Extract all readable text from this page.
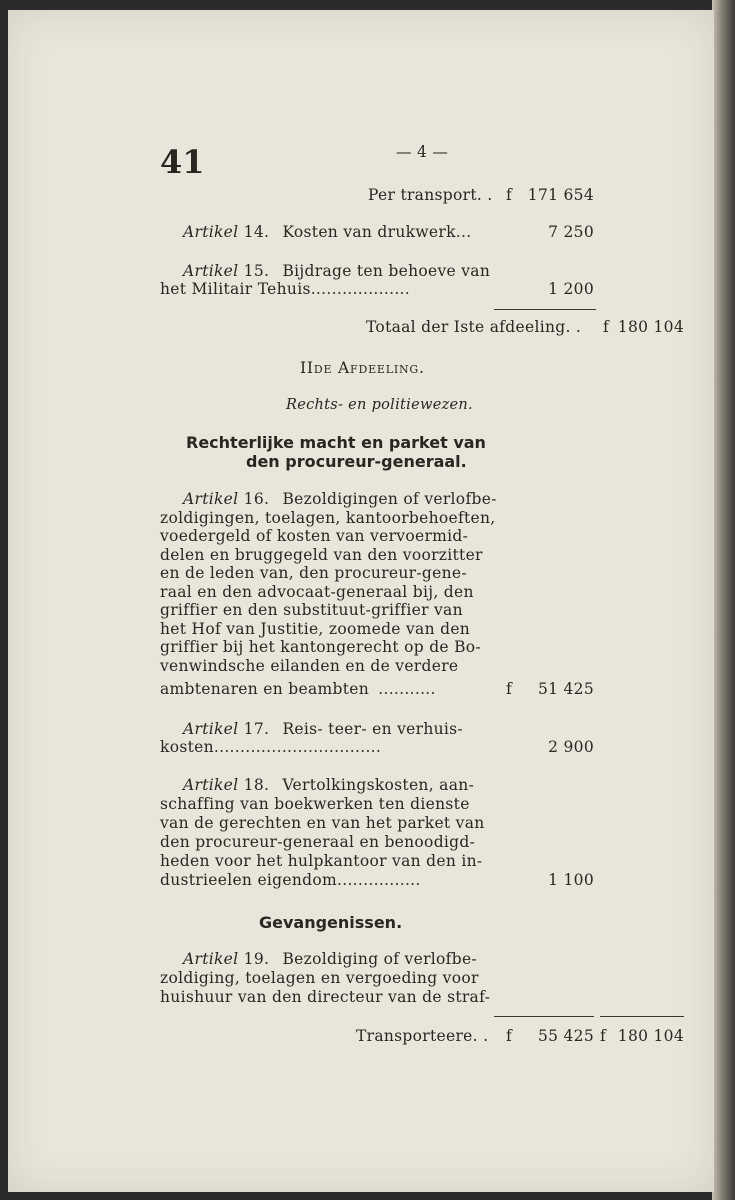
41	— 4 —
Per transport. . f	171 654
Artikel 14. Kosten van drukwerk...	7 250
Artikel 15. Bijdrage ten behoeve van
het Militair Tehuis...................	1 200
Totaal der Iste afdeeling. . f 180 104
IIde Afdeeling.
Rechts- en politiewezen.
Rechterlijke macht en parket van
den procureur-generaal.
Artikel 16. Bezoldigingen of verlofbe-
zoldigingen, toelagen, kantoorbehoeften,
voedergeld of kosten van vervoermid-
delen en bruggegeld van den voorzitter
en de leden van, den procureur-gene-
raal en den advocaat-generaal bij, den
griffier en den substituut-griffier van
het Hof van Justitie, zoomede van den
griffier bij het kantongerecht op de Bo-
venwindsche eilanden en de verdere
ambtenaren en beambten ...........	f	51 425
Artikel 17. Reis- teer- en verhuis-
kosten................................	2 900
Artikel 18. Vertolkingskosten, aan-
schaffing van boekwerken ten dienste
van de gerechten en van het parket van
den procureur-generaal en benoodigd-
heden voor het hulpkantoor van den in-
dustrieelen eigendom................	1 100
Gevangenissen.
Artikel 19. Bezoldiging of verlofbe-
zoldiging, toelagen en vergoeding voor
huishuur van den directeur van de straf-
Transporteere. . f	55 425 f 180 104
